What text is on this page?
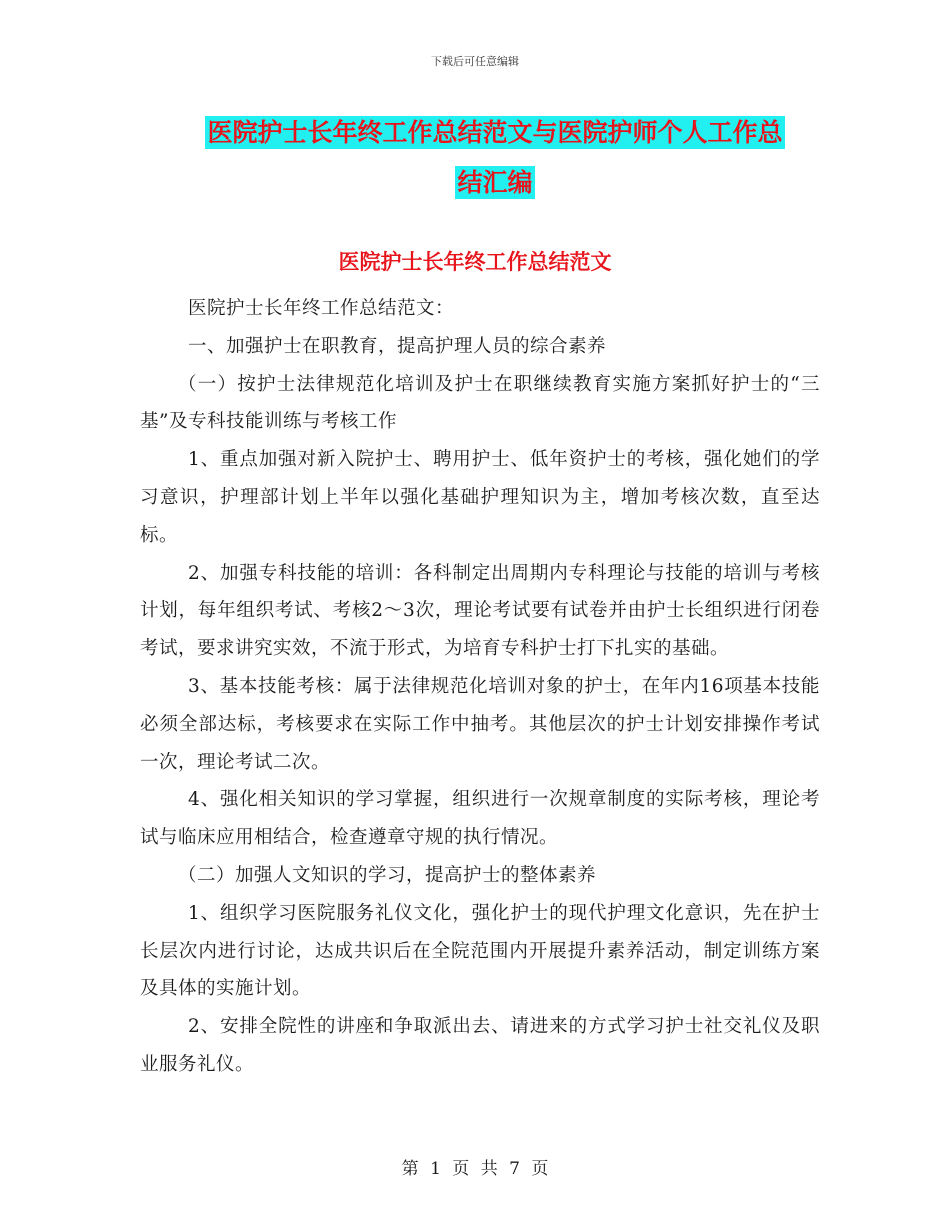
下载后可任意编辑
医院护士长年终工作总结范文与医院护师个人工作总
结汇编
医院护士长年终工作总结范文

医院护士长年终工作总结范文：

一、加强护士在职教育，提高护理人员的综合素养

（一）按护士法律规范化培训及护士在职继续教育实施方案抓好护士的“三基”及专科技能训练与考核工作

1、重点加强对新入院护士、聘用护士、低年资护士的考核，强化她们的学习意识，护理部计划上半年以强化基础护理知识为主，增加考核次数，直至达标。

2、加强专科技能的培训：各科制定出周期内专科理论与技能的培训与考核计划，每年组织考试、考核2～3次，理论考试要有试卷并由护士长组织进行闭卷考试，要求讲究实效，不流于形式，为培育专科护士打下扎实的基础。

3、基本技能考核：属于法律规范化培训对象的护士，在年内16项基本技能必须全部达标，考核要求在实际工作中抽考。其他层次的护士计划安排操作考试一次，理论考试二次。

4、强化相关知识的学习掌握，组织进行一次规章制度的实际考核，理论考试与临床应用相结合，检查遵章守规的执行情况。

（二）加强人文知识的学习，提高护士的整体素养

1、组织学习医院服务礼仪文化，强化护士的现代护理文化意识，先在护士长层次内进行讨论，达成共识后在全院范围内开展提升素养活动，制定训练方案及具体的实施计划。

2、安排全院性的讲座和争取派出去、请进来的方式学习护士社交礼仪及职业服务礼仪。

第 1 页 共 7 页
